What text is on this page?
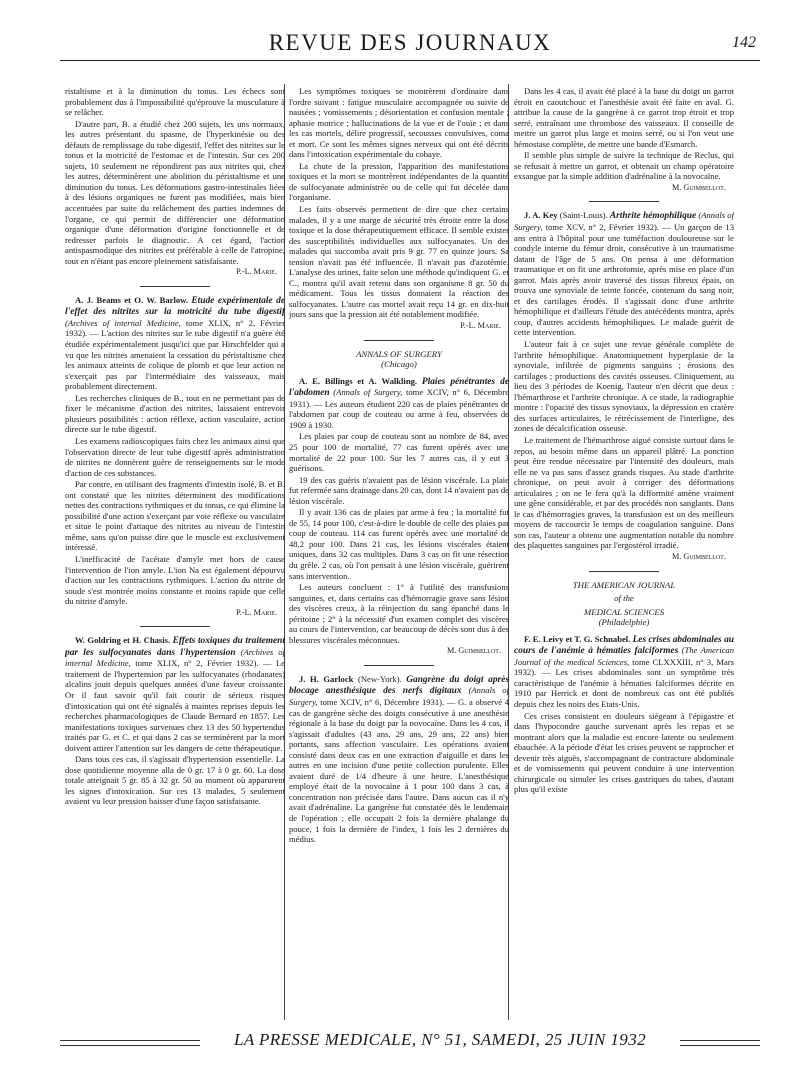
REVUE DES JOURNAUX	142

ristaltisme et à la diminution du tonus. Les échecs sont probablement dus à l'impossibilité qu'éprouve la musculature à se relâcher.

D'autre part, B. a étudié chez 200 sujets, les uns normaux, les autres présentant du spasme, de l'hyperkinésie ou des défauts de remplissage du tube digestif, l'effet des nitrites sur le tonus et la motricité de l'estomac et de l'intestin. Sur ces 200 sujets, 10 seulement ne répondirent pas aux nitrites qui, chez les autres, déterminèrent une abolition du péristaltisme et une diminution du tonus. Les déformations gastro-intestinales liées à des lésions organiques ne furent pas modifiées, mais bien accentuées par suite du relâchement des parties indemnes de l'organe, ce qui permit de différencier une déformation organique d'une déformation d'origine fonctionnelle et de redresser parfois le diagnostic. A cet égard, l'action antispasmodique des nitrites est préférable à celle de l'atropine, tout en n'étant pas encore pleinement satisfaisante.

P.-L. Marie.

A. J. Beams et O. W. Barlow. Etude expérimentale de l'effet des nitrites sur la motricité du tube digestif (Archives of internal Medicine, tome XLIX, n° 2, Février 1932). — L'action des nitrites sur le tube digestif n'a guère été étudiée expérimentalement jusqu'ici que par Hirschfelder qui a vu que les nitrites amenaient la cessation du péristaltisme chez les animaux atteints de colique de plomb et que leur action ne s'exerçait pas par l'intermédiaire des vaisseaux, mais probablement directement.

Les recherches cliniques de B., tout en ne permettant pas de fixer le mécanisme d'action des nitrites, laissaient entrevoir plusieurs possibilités : action réflexe, action vasculaire, action directe sur le tube digestif.

Les examens radioscopiques faits chez les animaux ainsi que l'observation directe de leur tube digestif après administration de nitrites ne donnèrent guère de renseignements sur le mode d'action de ces substances.

Par contre, en utilisant des fragments d'intestin isolé, B. et B. ont constaté que les nitrites déterminent des modifications nettes des contractions rythmiques et du tonus, ce qui élimine la possibilité d'une action s'exerçant par voie réflexe ou vasculaire et situe le point d'attaque des nitrites au niveau de l'intestin même, sans qu'on puisse dire que le muscle est exclusivement intéressé.

L'inefficacité de l'acétate d'amyle met hors de cause l'intervention de l'ion amyle. L'ion Na est également dépourvu d'action sur les contractions rythmiques. L'action du nitrite de soude s'est montrée moins constante et moins rapide que celle du nitrite d'amyle.

P.-L. Marie.

W. Goldring et H. Chasis. Effets toxiques du traitement par les sulfocyanates dans l'hypertension (Archives of internal Medicine, tome XLIX, n° 2, Février 1932). — Le traitement de l'hypertension par les sulfocyanates (rhodanates) alcalins jouit depuis quelques années d'une faveur croissante. Or il faut savoir qu'il fait courir de sérieux risques d'intoxication qui ont été signalés à maintes reprises depuis les recherches pharmacologiques de Claude Bernard en 1857. Les manifestations toxiques survenues chez 13 des 50 hypertendus traités par G. et C. et qui dans 2 cas se terminèrent par la mort doivent attirer l'attention sur les dangers de cette thérapeutique.

Dans tous ces cas, il s'agissait d'hypertension essentielle. La dose quotidienne moyenne alla de 0 gr. 17 à 0 gr. 60. La dose totale atteignait 5 gr. 85 à 32 gr. 50 au moment où apparurent les signes d'intoxication. Sur ces 13 malades, 5 seulement avaient vu leur pression baisser d'une façon satisfaisante.

Les symptômes toxiques se montrèrent d'ordinaire dans l'ordre suivant : fatigue musculaire accompagnée ou suivie de nausées ; vomissements ; désorientation et confusion mentale ; aphasie motrice ; hallucinations de la vue et de l'ouïe ; et dans les cas mortels, délire progressif, secousses convulsives, coma et mort. Ce sont les mêmes signes nerveux qui ont été décrits dans l'intoxication expérimentale du cobaye.

La chute de la pression, l'apparition des manifestations toxiques et la mort se montrèrent indépendantes de la quantité de sulfocyanate administrée ou de celle qui fut décelée dans l'organisme.

Les faits observés permettent de dire que chez certains malades, il y a une marge de sécurité très étroite entre la dose toxique et la dose thérapeutiquement efficace. Il semble exister des susceptibilités individuelles aux sulfocyanates. Un des malades qui succomba avait pris 9 gr. 77 en quinze jours. Sa tension n'avait pas été influencée. Il n'avait pas d'azotémie. L'analyse des urines, faite selon une méthode qu'indiquent G. et C., montra qu'il avait retenu dans son organisme 8 gr. 50 du médicament. Tous les tissus donnaient la réaction des sulfocyanates. L'autre cas mortel avait reçu 14 gr. en dix-huit jours sans que la pression ait été notablement modifiée.

P.-L. Marie.
ANNALS OF SURGERY
(Chicago)

A. E. Billings et A. Walkling. Plaies pénétrantes de l'abdomen (Annals of Surgery, tome XCIV, n° 6, Décembre 1931). — Les auteurs étudient 220 cas de plaies pénétrantes de l'abdomen par coup de couteau ou arme à feu, observées de 1909 à 1930.

Les plaies par coup de couteau sont au nombre de 84, avec 25 pour 100 de mortalité, 77 cas furent opérés avec une mortalité de 22 pour 100. Sur les 7 autres cas, il y eut 3 guérisons.

19 des cas guéris n'avaient pas de lésion viscérale. La plaie fut refermée sans drainage dans 20 cas, dont 14 n'avaient pas de lésion viscérale.

Il y avait 136 cas de plaies par arme à feu ; la mortalité fut de 55, 14 pour 100, c'est-à-dire le double de celle des plaies par coup de couteau. 114 cas furent opérés avec une mortalité de 48,2 pour 100. Dans 21 cas, les lésions viscérales étaient uniques, dans 32 cas multiples. Dans 3 cas on fit une résection du grêle. 2 cas, où l'on pensait à une lésion viscérale, guérirent sans intervention.

Les auteurs concluent : 1° à l'utilité des transfusions sanguines, et, dans certains cas d'hémorragie grave sans lésion des viscères creux, à la réinjection du sang épanché dans le péritoine ; 2° à la nécessité d'un examen complet des viscères au cours de l'intervention, car beaucoup de décès sont dus à des blessures viscérales méconnues.

M. Guimbellot.

J. H. Garlock (New-York). Gangrène du doigt après blocage anesthésique des nerfs digitaux (Annals of Surgery, tome XCIV, n° 6, Décembre 1931). — G. a observé 4 cas de gangrène sèche des doigts consécutive à une anesthésie régionale à la base du doigt par la novocaïne. Dans les 4 cas, il s'agissait d'adultes (43 ans, 29 ans, 29 ans, 22 ans) bien portants, sans affection vasculaire. Les opérations avaient consisté dans deux cas en une extraction d'aiguille et dans les autres en une incision d'une petite collection purulente. Elles avaient duré de 1/4 d'heure à une heure. L'anesthésique employé était de la novocaïne à 1 pour 100 dans 3 cas, à concentration non précisée dans l'autre. Dans aucun cas il n'y avait d'adrénaline. La gangrène fut constatée dès le lendemain de l'opération ; elle occupait 2 fois la dernière phalange du pouce, 1 fois la dernière de l'index, 1 fois les 2 dernières du médius.

Dans les 4 cas, il avait été placé à la base du doigt un garrot étroit en caoutchouc et l'anesthésie avait été faite en aval. G. attribue la cause de la gangrène à ce garrot trop étroit et trop serré, entraînant une thrombose des vaisseaux. Il conseille de mettre un garrot plus large et moins serré, ou si l'on veut une hémostase complète, de mettre une bande d'Esmarch.

Il semble plus simple de suivre la technique de Reclus, qui se refusait à mettre un garrot, et obtenait un champ opératoire exsangue par la simple addition d'adrénaline à la novocaïne.

M. Guimbellot.

J. A. Key (Saint-Louis). Arthrite hémophilique (Annals of Surgery, tome XCV, n° 2, Février 1932). — Un garçon de 13 ans entra à l'hôpital pour une tuméfaction douloureuse sur le condyle interne du fémur droit, consécutive à un traumatisme datant de l'âge de 5 ans. On pensa à une déformation traumatique et on fit une arthrotomie, après mise en place d'un garrot. Mais après avoir traversé des tissus fibreux épais, on trouva une synoviale de teinte foncée, contenant du sang noir, et des cartilages érodés. Il s'agissait donc d'une arthrite hémophilique et d'ailleurs l'étude des antécédents montra, après coup, d'autres accidents hémophiliques. Le malade guérit de cette intervention.

L'auteur fait à ce sujet une revue générale complète de l'arthrite hémophilique. Anatomiquement hyperplasie de la synoviale, infiltrée de pigments sanguins ; érosions des cartilages ; productions des cavités osseuses. Cliniquement, au lieu des 3 périodes de Koenig, l'auteur n'en décrit que deux : l'hémarthrose et l'arthrite chronique. A ce stade, la radiographie montre : l'opacité des tissus synoviaux, la dépression en cratère des surfaces articulaires, le rétrécissement de l'interligne, des zones de décalcification osseuse.

Le traitement de l'hémarthrose aiguë consiste surtout dans le repos, au besoin même dans un appareil plâtré. La ponction peut être rendue nécessaire par l'intensité des douleurs, mais elle ne va pas sans d'assez grands risques. Au stade d'arthrite chronique, on peut avoir à corriger des déformations articulaires ; on ne le fera qu'à la difformité amène vraiment une gêne considérable, et par des procédés non sanglants. Dans le cas d'hémorragies graves, la transfusion est un des meilleurs moyens de raccourcir le temps de coagulation sanguine. Dans son cas, l'auteur a obtenu une augmentation notable du nombre des plaquettes sanguines par l'ergostérol irradié.

M. Guimbellot.
THE AMERICAN JOURNAL
of the
MEDICAL SCIENCES
(Philadelphie)

F. E. Leivy et T. G. Schnabel. Les crises abdominales au cours de l'anémie à hématies falciformes (The American Journal of the medical Sciences, tome CLXXXIII, n° 3, Mars 1932). — Les crises abdominales sont un symptôme très caractéristique de l'anémie à hématies falciformes décrite en 1910 par Herrick et dont de nombreux cas ont été publiés depuis chez les noirs des Etats-Unis.

Ces crises consistent en douleurs siégeant à l'épigastre et dans l'hypocondre gauche survenant après les repas et se montrant alors que la maladie est encore latente ou seulement ébauchée. A la période d'état les crises peuvent se rapprocher et devenir très aiguës, s'accompagnant de contracture abdominale et de vomissements qui peuvent conduire à une intervention chirurgicale ou simuler les crises gastriques du tabes, d'autant plus qu'il existe

LA PRESSE MEDICALE, N° 51, SAMEDI, 25 JUIN 1932
